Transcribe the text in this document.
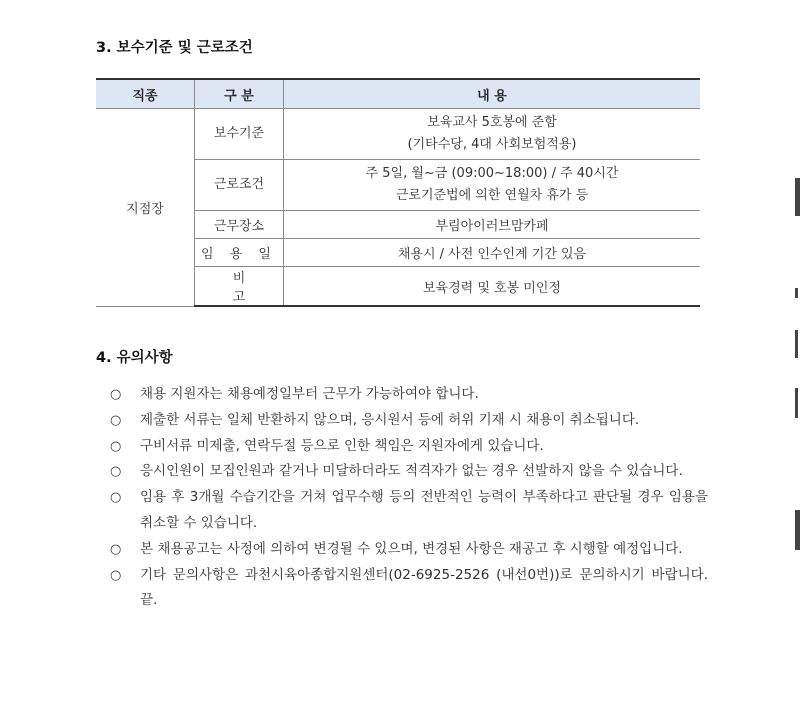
3. 보수기준 및 근로조건
직종	구 분	내 용
지점장	보수기준	보육교사 5호봉에 준함
(기타수당, 4대 사회보험적용)

	근로조건	주 5일, 월~금 (09:00~18:00) / 주 40시간
근로기준법에 의한 연월차 휴가 등

	근무장소	부림아이러브맘카페
	임 용 일	채용시 / 사전 인수인계 기간 있음
	비 고	보육경력 및 호봉 미인정
4. 유의사항
○ 채용 지원자는 채용예정일부터 근무가 가능하여야 합니다.
○ 제출한 서류는 일체 반환하지 않으며, 응시원서 등에 허위 기재 시 채용이 취소됩니다.
○ 구비서류 미제출, 연락두절 등으로 인한 책임은 지원자에게 있습니다.
○ 응시인원이 모집인원과 같거나 미달하더라도 적격자가 없는 경우 선발하지 않을 수 있습니다.
○ 임용 후 3개월 수습기간을 거쳐 업무수행 등의 전반적인 능력이 부족하다고 판단될 경우 임용을 취소할 수 있습니다.
○ 본 채용공고는 사정에 의하여 변경될 수 있으며, 변경된 사항은 재공고 후 시행할 예정입니다.
○ 기타 문의사항은 과천시육아종합지원센터(02-6925-2526 (내선0번))로 문의하시기 바랍니다. 끝.
